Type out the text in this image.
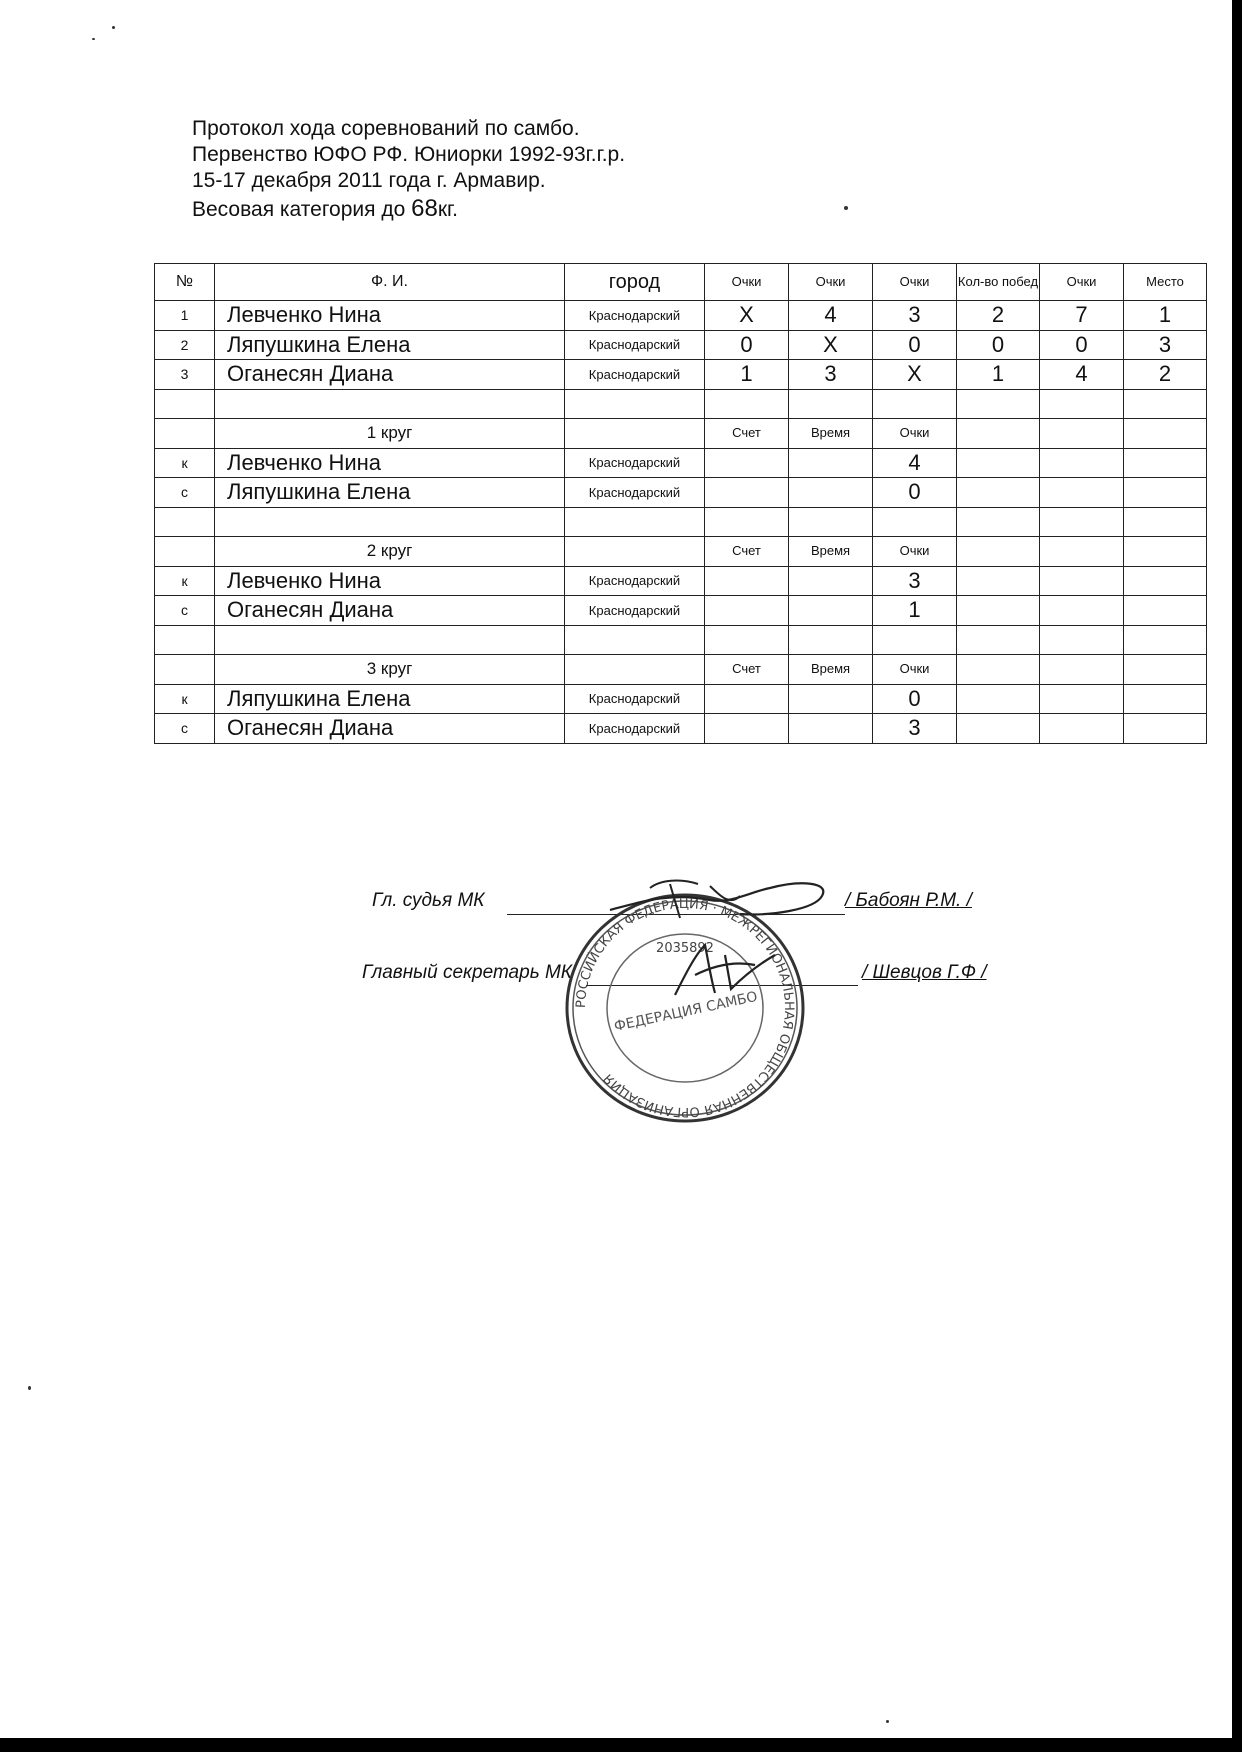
Протокол хода соревнований по самбо.
Первенство ЮФО РФ. Юниорки 1992-93г.г.р.
15-17 декабря 2011 года г. Армавир.
Весовая категория до 68кг.
№	Ф. И.	город	Очки	Очки	Очки	Кол-во побед	Очки	Место
1	Левченко Нина	Краснодарский	X	4	3	2	7	1
2	Ляпушкина Елена	Краснодарский	0	X	0	0	0	3
3	Оганесян Диана	Краснодарский	1	3	X	1	4	2

	1 круг		Счет	Время	Очки			
к	Левченко Нина	Краснодарский			4			
с	Ляпушкина Елена	Краснодарский			0			

	2 круг		Счет	Время	Очки			
к	Левченко Нина	Краснодарский			3			
с	Оганесян Диана	Краснодарский			1			

	3 круг		Счет	Время	Очки			
к	Ляпушкина Елена	Краснодарский			0			
с	Оганесян Диана	Краснодарский			3			
Гл. судья МК	/ Бабоян Р.М. /
Главный секретарь МК	/ Шевцов Г.Ф /
РОССИЙСКАЯ ФЕДЕРАЦИЯ · МЕЖРЕГИОНАЛЬНАЯ ОБЩЕСТВЕННАЯ ОРГАНИЗАЦИЯ
2035892
ФЕДЕРАЦИЯ САМБО
